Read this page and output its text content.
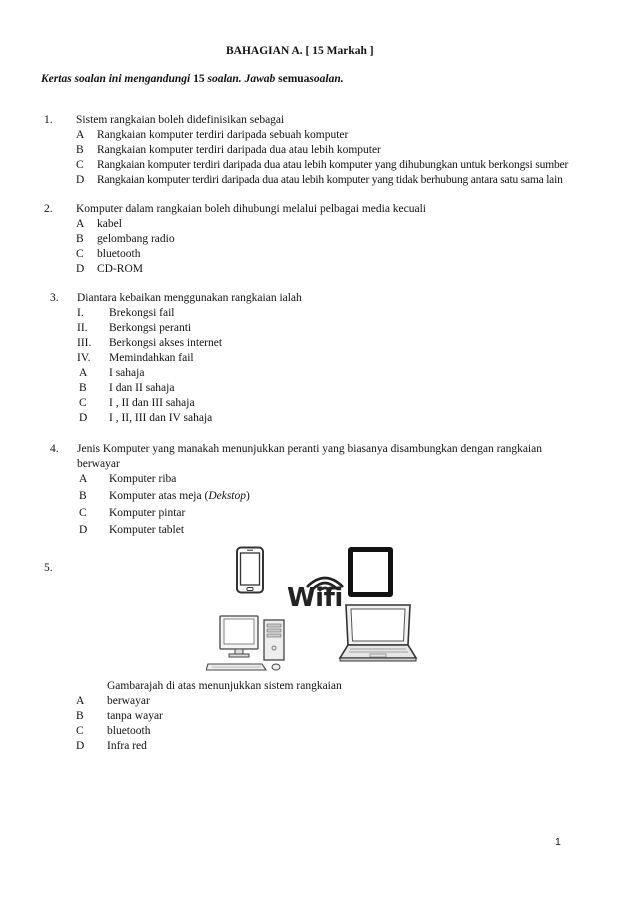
BAHAGIAN A. [ 15 Markah ]
Kertas soalan ini mengandungi 15 soalan. Jawab semuasoalan.
1. Sistem rangkaian boleh didefinisikan sebagai
A Rangkaian komputer terdiri daripada sebuah komputer
B Rangkaian komputer terdiri daripada dua atau lebih komputer
C Rangkaian komputer terdiri daripada dua atau lebih komputer yang dihubungkan untuk berkongsi sumber
D Rangkaian komputer terdiri daripada dua atau lebih komputer yang tidak berhubung antara satu sama lain
2. Komputer dalam rangkaian boleh dihubungi melalui pelbagai media kecuali
A kabel
B gelombang radio
C bluetooth
D CD-ROM
3. Diantara kebaikan menggunakan rangkaian ialah
I. Brekongsi fail
II. Berkongsi peranti
III. Berkongsi akses internet
IV. Memindahkan fail
A I sahaja
B I dan II sahaja
C I , II dan III sahaja
D I , II, III dan IV sahaja
4. Jenis Komputer yang manakah menunjukkan peranti yang biasanya disambungkan dengan rangkaian
berwayar
A Komputer riba
B Komputer atas meja (Dekstop)
C Komputer pintar
D Komputer tablet
5.
Wifi
Gambarajah di atas menunjukkan sistem rangkaian
A berwayar
B tanpa wayar
C bluetooth
D Infra red
1
